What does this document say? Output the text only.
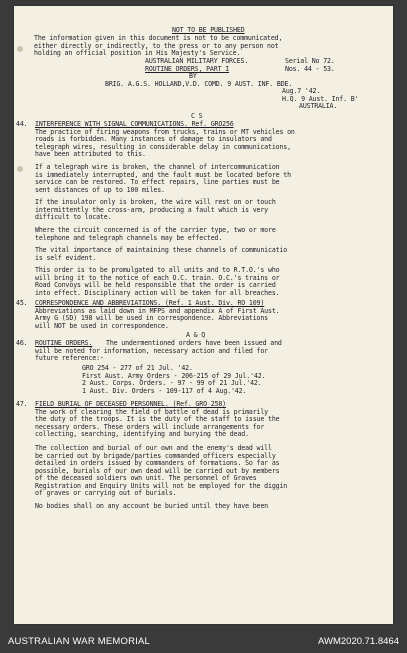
NOT TO BE PUBLISHED
The information given in this document is not to be communicated,
either directly or indirectly, to the press or to any person not
holding an official position in His Majesty's Service.
AUSTRALIAN MILITARY FORCES.	Serial No 72.
ROUTINE ORDERS, PART I	Nos. 44 - 53.
BY
BRIG. A.G.S. HOLLAND,V.D. COMD. 9 AUST. INF. BDE.
Aug.7 '42.
H.Q. 9 Aust. Inf. B'
AUSTRALIA.
C S
44. INTERFERENCE WITH SIGNAL COMMUNICATIONS. Ref. GRO256
The practice of firing weapons from trucks, trains or MT vehicles on
roads is forbidden. Many instances of damage to insulators and
telegraph wires, resulting in considerable delay in communications,
have been attributed to this.
If a telegraph wire is broken, the channel of intercommunication
is immediately interrupted, and the fault must be located before th
service can be restored. To effect repairs, line parties must be
sent distances of up to 100 miles.
If the insulator only is broken, the wire will rest on or touch
intermittently the cross-arm, producing a fault which is very
difficult to locate.
Where the circuit concerned is of the carrier type, two or more
telephone and telegraph channels may be effected.
The vital importance of maintaining these channels of communicatio
is self evident.
This order is to be promulgated to all units and to R.T.O.'s who
will bring it to the notice of each O.C. train. O.C.'s trains or
Road Convoys will be held responsible that the order is carried
into effect. Disciplinary action will be taken for all breaches.
45. CORRESPONDENCE AND ABBREVIATIONS. (Ref. 1 Aust. Div. RO 109)
Abbreviations as laid down in MFPS and appendix A of First Aust.
Army G (SD) 198 will be used in correspondence. Abbreviations
will NOT be used in correspondence.
A & Q
46. ROUTINE ORDERS. The undermentioned orders have been issued and
will be noted for information, necessary action and filed for
future reference:-
GRO 254 - 277 of 21 Jul. '42.
First Aust. Army Orders - 206-215 of 29 Jul.'42.
2 Aust. Corps. Orders. - 97 - 99 of 21 Jul.'42.
1 Aust. Div. Orders - 109-117 of 4 Aug.'42.
47. FIELD BURIAL OF DECEASED PERSONNEL. (Ref. GRO 258)
The work of clearing the field of battle of dead is primarily
the duty of the troops. It is the duty of the staff to issue the
necessary orders. These orders will include arrangements for
collecting, searching, identifying and burying the dead.
The collection and burial of our own and the enemy's dead will
be carried out by brigade/parties commanded officers especially
detailed in orders issued by commanders of formations. So far as
possible, burials of our own dead will be carried out by members
of the deceased soldiers own unit. The personnel of Graves
Registration and Enquiry Units will not be employed for the diggin
of graves or carrying out of burials.
No bodies shall on any account be buried until they have been
AUSTRALIAN WAR MEMORIAL	AWM2020.71.8464
